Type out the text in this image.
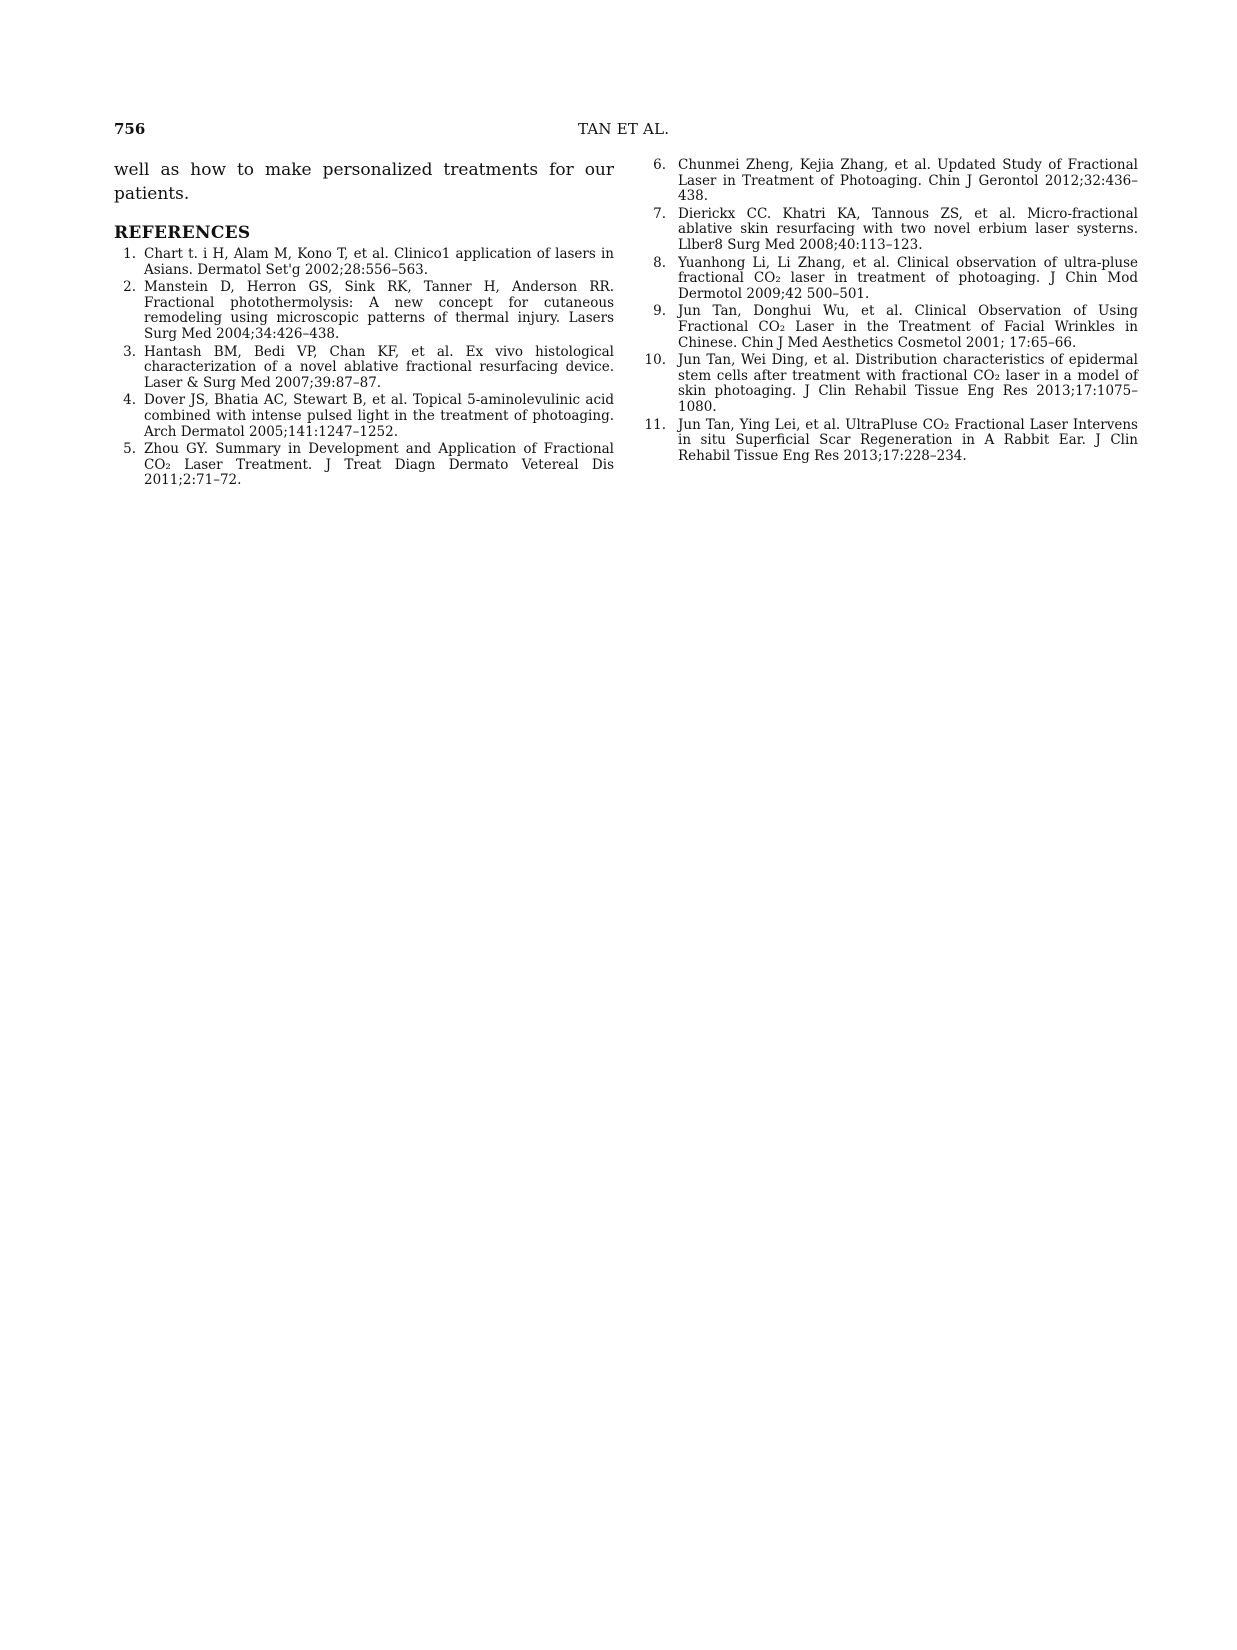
756	TAN ET AL.

well as how to make personalized treatments for our patients.

REFERENCES
1. Chart t. i H, Alam M, Kono T, et al. Clinico1 application of lasers in Asians. Dermatol Set'g 2002;28:556–563.
2. Manstein D, Herron GS, Sink RK, Tanner H, Anderson RR. Fractional photothermolysis: A new concept for cutaneous remodeling using microscopic patterns of thermal injury. Lasers Surg Med 2004;34:426–438.
3. Hantash BM, Bedi VP, Chan KF, et al. Ex vivo histological characterization of a novel ablative fractional resurfacing device. Laser & Surg Med 2007;39:87–87.
4. Dover JS, Bhatia AC, Stewart B, et al. Topical 5-aminolevulinic acid combined with intense pulsed light in the treatment of photoaging. Arch Dermatol 2005;141:1247–1252.
5. Zhou GY. Summary in Development and Application of Fractional CO₂ Laser Treatment. J Treat Diagn Dermato Vetereal Dis 2011;2:71–72.
6. Chunmei Zheng, Kejia Zhang, et al. Updated Study of Fractional Laser in Treatment of Photoaging. Chin J Gerontol 2012;32:436–438.
7. Dierickx CC. Khatri KA, Tannous ZS, et al. Micro-fractional ablative skin resurfacing with two novel erbium laser systerns. Llber8 Surg Med 2008;40:113–123.
8. Yuanhong Li, Li Zhang, et al. Clinical observation of ultra-pluse fractional CO₂ laser in treatment of photoaging. J Chin Mod Dermotol 2009;42 500–501.
9. Jun Tan, Donghui Wu, et al. Clinical Observation of Using Fractional CO₂ Laser in the Treatment of Facial Wrinkles in Chinese. Chin J Med Aesthetics Cosmetol 2001; 17:65–66.
10. Jun Tan, Wei Ding, et al. Distribution characteristics of epidermal stem cells after treatment with fractional CO₂ laser in a model of skin photoaging. J Clin Rehabil Tissue Eng Res 2013;17:1075–1080.
11. Jun Tan, Ying Lei, et al. UltraPluse CO₂ Fractional Laser Intervens in situ Superficial Scar Regeneration in A Rabbit Ear. J Clin Rehabil Tissue Eng Res 2013;17:228–234.
